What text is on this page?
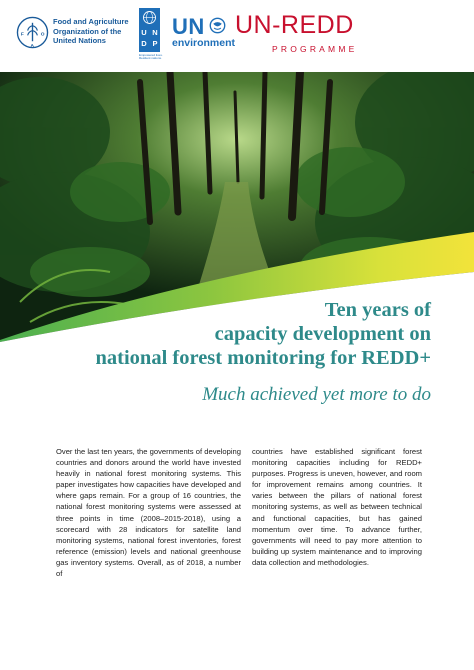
F
A
O
Food and Agriculture Organization of the United Nations
U N
D P
Empowered lives. Resilient nations.
UN
environment
UN-REDD
PROGRAMME
Ten years of
capacity development on
national forest monitoring for REDD+
Much achieved yet more to do
Over the last ten years, the governments of developing countries and donors around the world have invested heavily in national forest monitoring systems. This paper investigates how capacities have developed and where gaps remain. For a group of 16 countries, the national forest monitoring systems were assessed at three points in time (2008–2015-2018), using a scorecard with 28 indicators for satellite land monitoring systems, national forest inventories, forest reference (emission) levels and national greenhouse gas inventory systems. Overall, as of 2018, a number of
countries have established significant forest monitoring capacities including for REDD+ purposes. Progress is uneven, however, and room for improvement remains among countries. It varies between the pillars of national forest monitoring systems, as well as between technical and functional capacities, but has gained momentum over time. To advance further, governments will need to pay more attention to building up system maintenance and to improving data collection and methodologies.
